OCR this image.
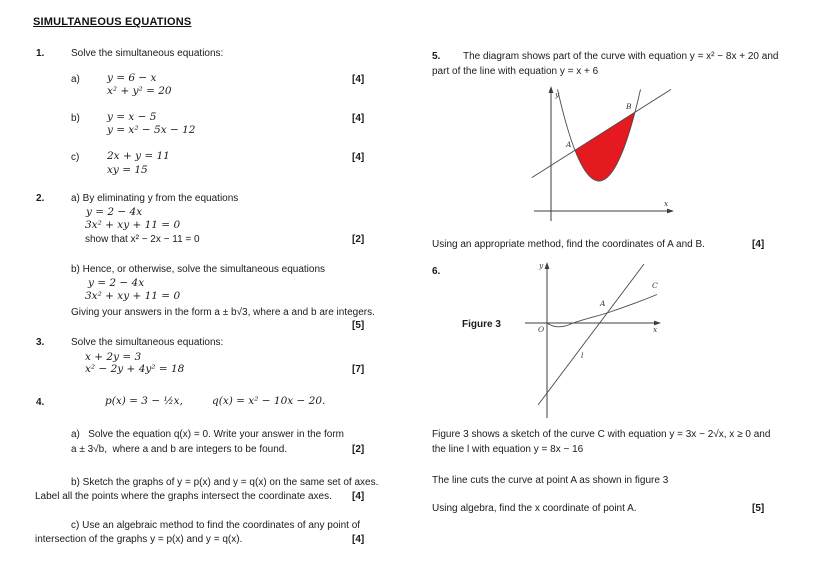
SIMULTANEOUS EQUATIONS
1.	Solve the simultaneous equations:
a)	y = 6 − x
x² + y² = 20
[4]
b)	y = x − 5
y = x² − 5x − 12
[4]
c)	2x + y = 11
xy = 15
[4]
2.	a) By eliminating y from the equations
y = 2 − 4x
3x² + xy + 11 = 0
show that x² − 2x − 11 = 0	[2]
b) Hence, or otherwise, solve the simultaneous equations
y = 2 − 4x
3x² + xy + 11 = 0
Giving your answers in the form a ± b√3, where a and b are integers.
[5]
3.	Solve the simultaneous equations:
x + 2y = 3
x² − 2y + 4y² = 18	[7]
4.	p(x) = 3 − ½x,	q(x) = x² − 10x − 20.
a)   Solve the equation q(x) = 0. Write your answer in the form
a ± 3√b,  where a and b are integers to be found.	[2]
b) Sketch the graphs of y = p(x) and y = q(x) on the same set of axes.
Label all the points where the graphs intersect the coordinate axes. [4]
c) Use an algebraic method to find the coordinates of any point of
intersection of the graphs y = p(x) and y = q(x).	[4]
5. The diagram shows part of the curve with equation y = x² − 8x + 20 and
part of the line with equation y = x + 6
y
x
A
B
Using an appropriate method, find the coordinates of A and B.	[4]
6.
Figure 3
y
x
O
A
C
l
Figure 3 shows a sketch of the curve C with equation y = 3x − 2√x, x ≥ 0 and
the line l with equation y = 8x − 16
The line cuts the curve at point A as shown in figure 3
Using algebra, find the x coordinate of point A.	[5]
